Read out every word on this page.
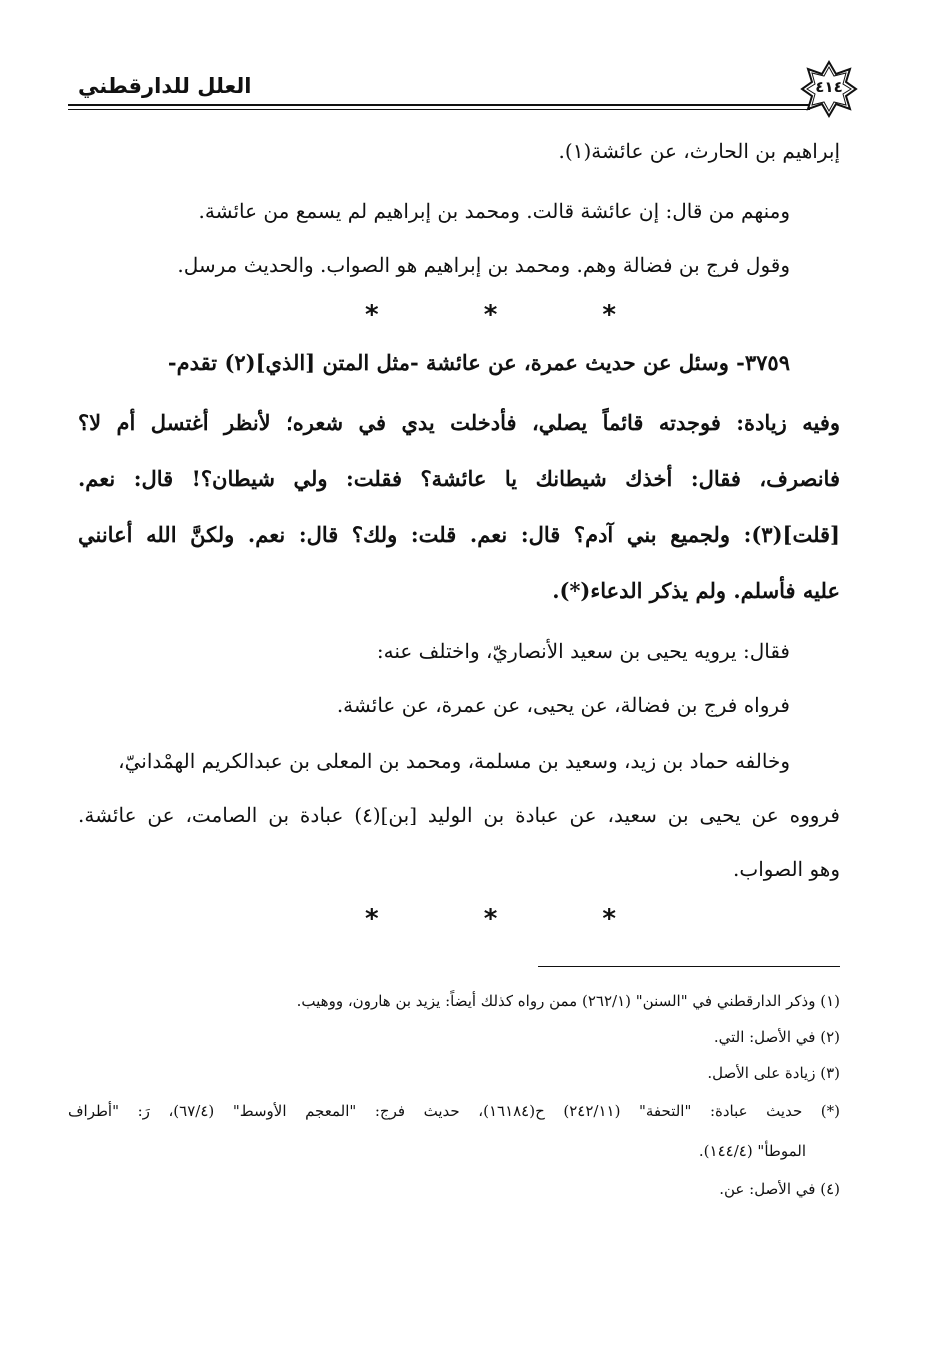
العلل للدارقطني	٤١٤
إبراهيم بن الحارث، عن عائشة(١).
ومنهم من قال: إن عائشة قالت. ومحمد بن إبراهيم لم يسمع من عائشة.
وقول فرج بن فضالة وهم. ومحمد بن إبراهيم هو الصواب. والحديث مرسل.
* * *
٣٧٥٩- وسئل عن حديث عمرة، عن عائشة -مثل المتن [الذي](٢) تقدم-
وفيه زيادة: فوجدته قائماً يصلي، فأدخلت يدي في شعره؛ لأنظر أغتسل أم لا؟
فانصرف، فقال: أخذك شيطانك يا عائشة؟ فقلت: ولي شيطان؟! قال: نعم.
[قلت](٣): ولجميع بني آدم؟ قال: نعم. قلت: ولك؟ قال: نعم. ولكنَّ الله أعانني
عليه فأسلم. ولم يذكر الدعاء(*).
فقال: يرويه يحيى بن سعيد الأنصاريّ، واختلف عنه:
فرواه فرج بن فضالة، عن يحيى، عن عمرة، عن عائشة.
وخالفه حماد بن زيد، وسعيد بن مسلمة، ومحمد بن المعلى بن عبدالكريم الهمْدانيّ،
فرووه عن يحيى بن سعيد، عن عبادة بن الوليد [بن](٤) عبادة بن الصامت، عن عائشة.
وهو الصواب.
* * *
(١) وذكر الدارقطني في "السنن" (٢٦٢/١) ممن رواه كذلك أيضاً: يزيد بن هارون، ووهيب.
(٢) في الأصل: التي.
(٣) زيادة على الأصل.
(*) حديث عبادة: "التحفة" (٢٤٢/١١) ح(١٦١٨٤)، حديث فرج: "المعجم الأوسط" (٦٧/٤)، رَ: "أطراف
الموطأ" (١٤٤/٤).
(٤) في الأصل: عن.
